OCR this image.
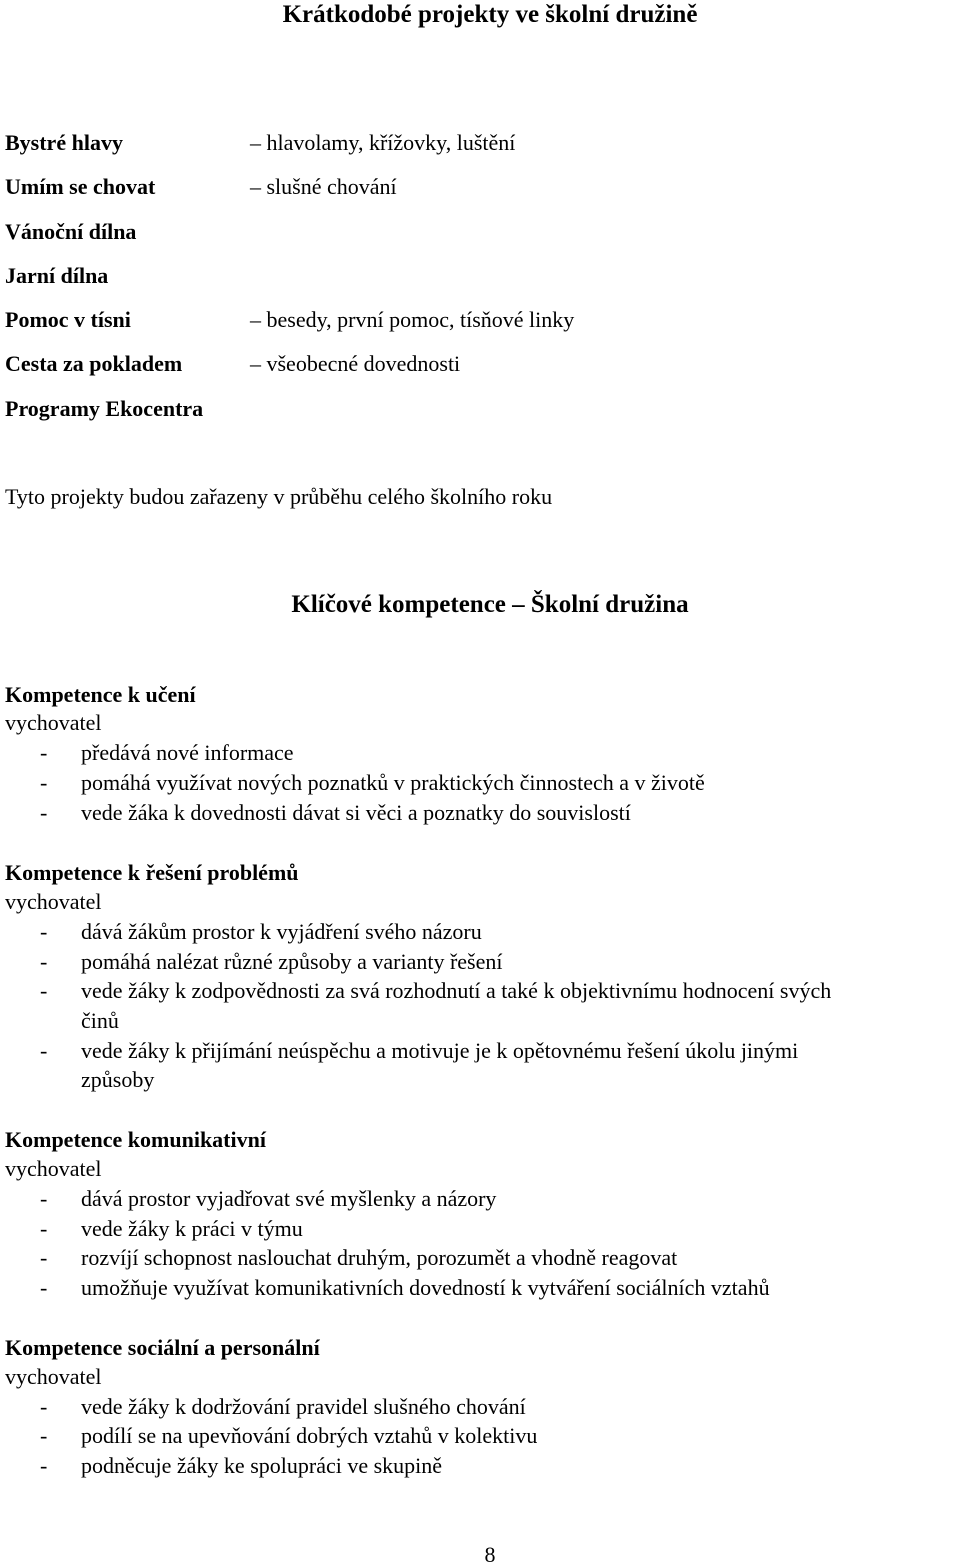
Krátkodobé projekty ve školní družině
Bystré hlavy	– hlavolamy, křížovky, luštění
Umím se chovat	– slušné chování
Vánoční dílna
Jarní dílna
Pomoc v tísni	– besedy, první pomoc, tísňové linky
Cesta za pokladem	– všeobecné dovednosti
Programy Ekocentra
Tyto projekty budou zařazeny v průběhu celého školního roku
Klíčové kompetence – Školní družina
Kompetence k učení
vychovatel
- předává nové informace
- pomáhá využívat nových poznatků v praktických činnostech a v životě
- vede žáka k dovednosti dávat si věci a poznatky do souvislostí
Kompetence k řešení problémů
vychovatel
- dává žákům prostor k vyjádření svého názoru
- pomáhá nalézat různé způsoby a varianty řešení
- vede žáky k zodpovědnosti za svá rozhodnutí a také k objektivnímu hodnocení svých
činů
- vede žáky k přijímání neúspěchu a motivuje je k opětovnému řešení úkolu jinými
způsoby
Kompetence komunikativní
vychovatel
- dává prostor vyjadřovat své myšlenky a názory
- vede žáky k práci v týmu
- rozvíjí schopnost naslouchat druhým, porozumět a vhodně reagovat
- umožňuje využívat komunikativních dovedností k vytváření sociálních vztahů
Kompetence sociální a personální
vychovatel
- vede žáky k dodržování pravidel slušného chování
- podílí se na upevňování dobrých vztahů v kolektivu
- podněcuje žáky ke spolupráci ve skupině
8
